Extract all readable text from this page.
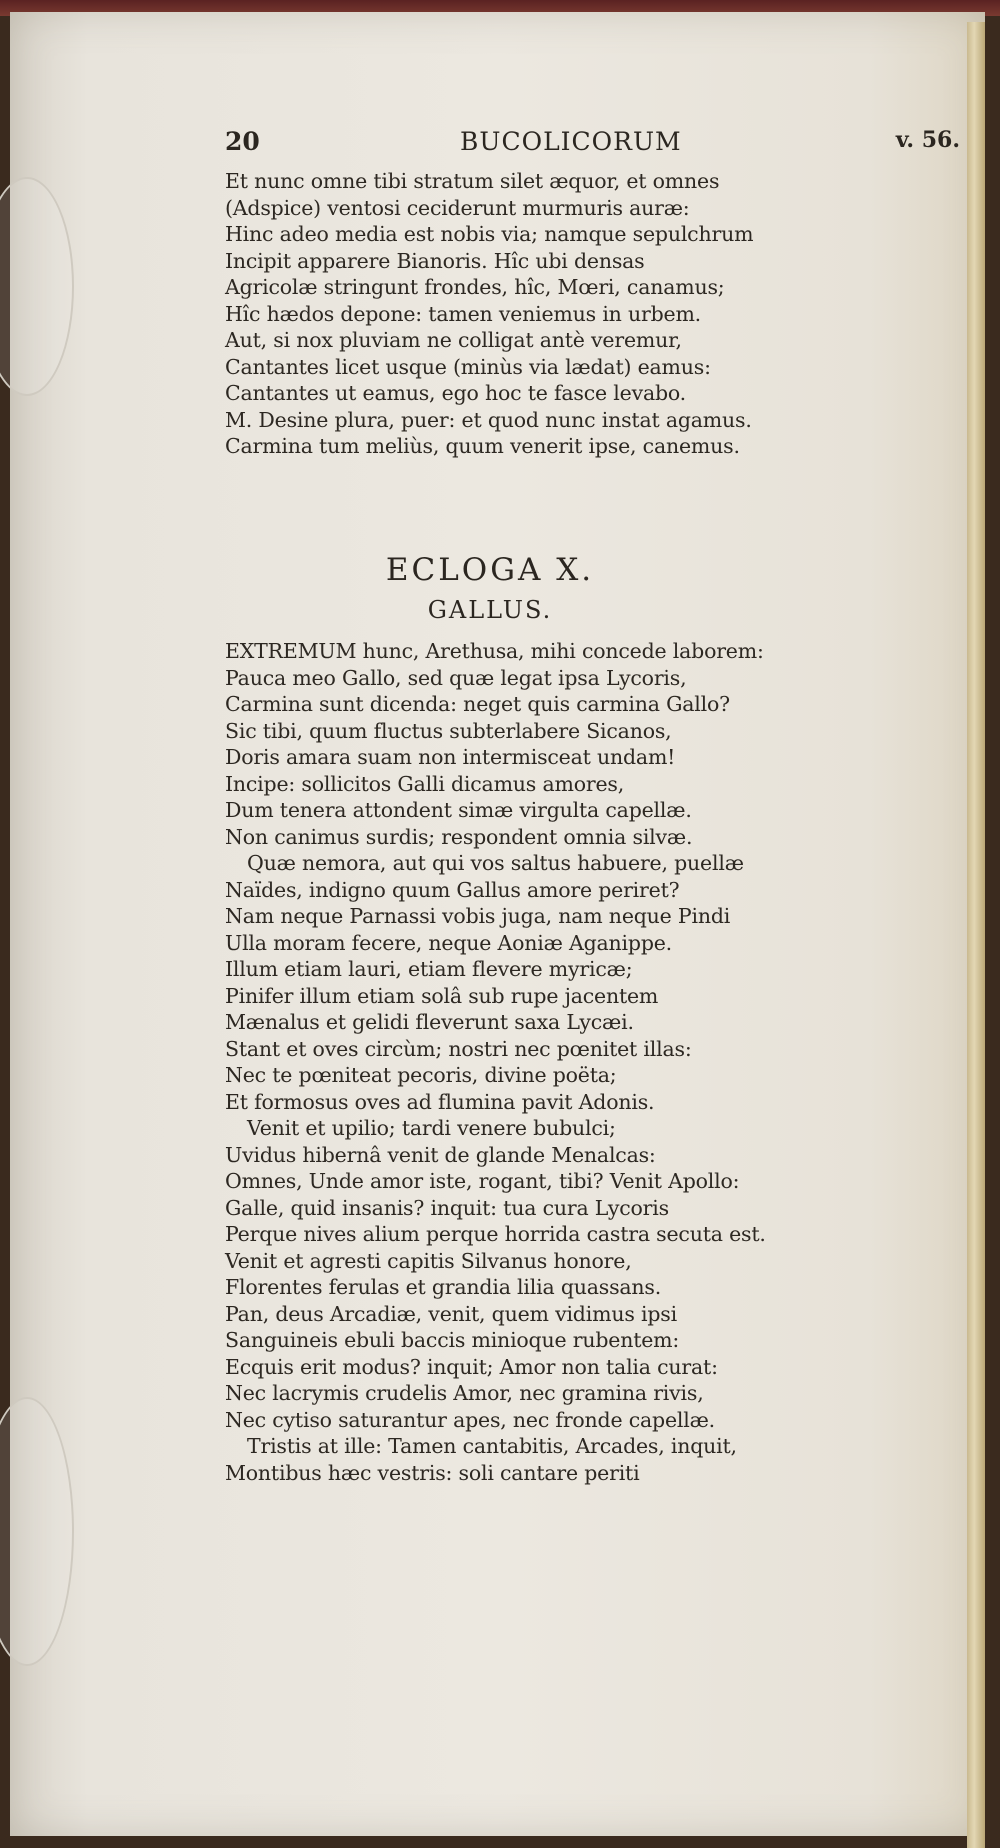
20	BUCOLICORUM	v. 56.
Et nunc omne tibi stratum silet æquor, et omnes
(Adspice) ventosi ceciderunt murmuris auræ:
Hinc adeo media est nobis via; namque sepulchrum
Incipit apparere Bianoris. Hîc ubi densas
Agricolæ stringunt frondes, hîc, Mœri, canamus;
Hîc hædos depone: tamen veniemus in urbem.
Aut, si nox pluviam ne colligat antè veremur,
Cantantes licet usque (minùs via lædat) eamus:
Cantantes ut eamus, ego hoc te fasce levabo.
M. Desine plura, puer: et quod nunc instat agamus.
Carmina tum meliùs, quum venerit ipse, canemus.
ECLOGA X.
GALLUS.
EXTREMUM hunc, Arethusa, mihi concede laborem:
Pauca meo Gallo, sed quæ legat ipsa Lycoris,
Carmina sunt dicenda: neget quis carmina Gallo?
Sic tibi, quum fluctus subterlabere Sicanos,
Doris amara suam non intermisceat undam!
Incipe: sollicitos Galli dicamus amores,
Dum tenera attondent simæ virgulta capellæ.
Non canimus surdis; respondent omnia silvæ.
Quæ nemora, aut qui vos saltus habuere, puellæ
Naïdes, indigno quum Gallus amore periret?
Nam neque Parnassi vobis juga, nam neque Pindi
Ulla moram fecere, neque Aoniæ Aganippe.
Illum etiam lauri, etiam flevere myricæ;
Pinifer illum etiam solâ sub rupe jacentem
Mænalus et gelidi fleverunt saxa Lycæi.
Stant et oves circùm; nostri nec pœnitet illas:
Nec te pœniteat pecoris, divine poëta;
Et formosus oves ad flumina pavit Adonis.
Venit et upilio; tardi venere bubulci;
Uvidus hibernâ venit de glande Menalcas:
Omnes, Unde amor iste, rogant, tibi? Venit Apollo:
Galle, quid insanis? inquit: tua cura Lycoris
Perque nives alium perque horrida castra secuta est.
Venit et agresti capitis Silvanus honore,
Florentes ferulas et grandia lilia quassans.
Pan, deus Arcadiæ, venit, quem vidimus ipsi
Sanguineis ebuli baccis minioque rubentem:
Ecquis erit modus? inquit; Amor non talia curat:
Nec lacrymis crudelis Amor, nec gramina rivis,
Nec cytiso saturantur apes, nec fronde capellæ.
Tristis at ille: Tamen cantabitis, Arcades, inquit,
Montibus hæc vestris: soli cantare periti
